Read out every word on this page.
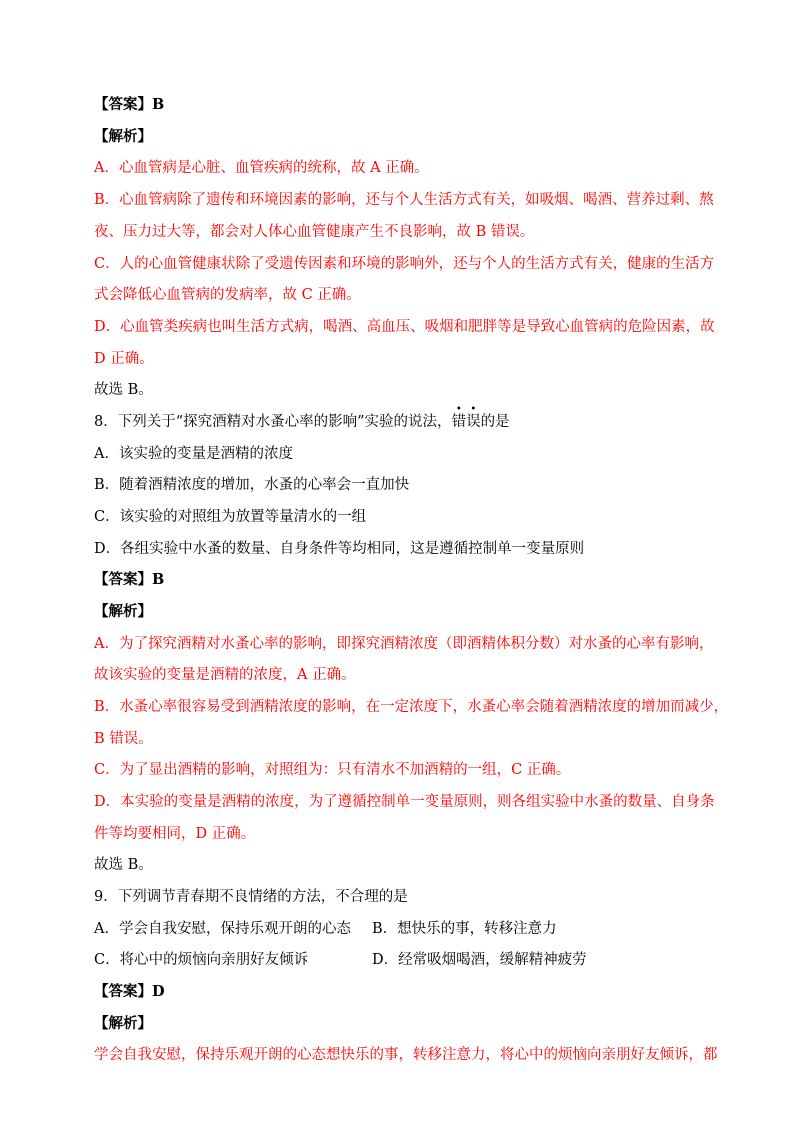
【答案】B
【解析】
A．心血管病是心脏、血管疾病的统称，故 A 正确。
B．心血管病除了遗传和环境因素的影响，还与个人生活方式有关，如吸烟、喝酒、营养过剩、熬
夜、压力过大等，都会对人体心血管健康产生不良影响，故 B 错误。
C．人的心血管健康状除了受遗传因素和环境的影响外，还与个人的生活方式有关，健康的生活方
式会降低心血管病的发病率，故 C 正确。
D．心血管类疾病也叫生活方式病，喝酒、高血压、吸烟和肥胖等是导致心血管病的危险因素，故
D 正确。
故选 B。
8．下列关于“探究酒精对水蚤心率的影响”实验的说法，
•
错
•
误的是
A．该实验的变量是酒精的浓度
B．随着酒精浓度的增加，水蚤的心率会一直加快
C．该实验的对照组为放置等量清水的一组
D．各组实验中水蚤的数量、自身条件等均相同，这是遵循控制单一变量原则
【答案】B
【解析】
A．为了探究酒精对水蚤心率的影响，即探究酒精浓度（即酒精体积分数）对水蚤的心率有影响，
故该实验的变量是酒精的浓度，A 正确。
B．水蚤心率很容易受到酒精浓度的影响，在一定浓度下，水蚤心率会随着酒精浓度的增加而减少，
B 错误。
C．为了显出酒精的影响，对照组为：只有清水不加酒精的一组，C 正确。
D．本实验的变量是酒精的浓度，为了遵循控制单一变量原则，则各组实验中水蚤的数量、自身条
件等均要相同，D 正确。
故选 B。
9．下列调节青春期不良情绪的方法，不合理的是
A．学会自我安慰，保持乐观开朗的心态 B．想快乐的事，转移注意力
C．将心中的烦恼向亲朋好友倾诉	D．经常吸烟喝酒，缓解精神疲劳
【答案】D
【解析】
学会自我安慰，保持乐观开朗的心态想快乐的事，转移注意力，将心中的烦恼向亲朋好友倾诉，都
